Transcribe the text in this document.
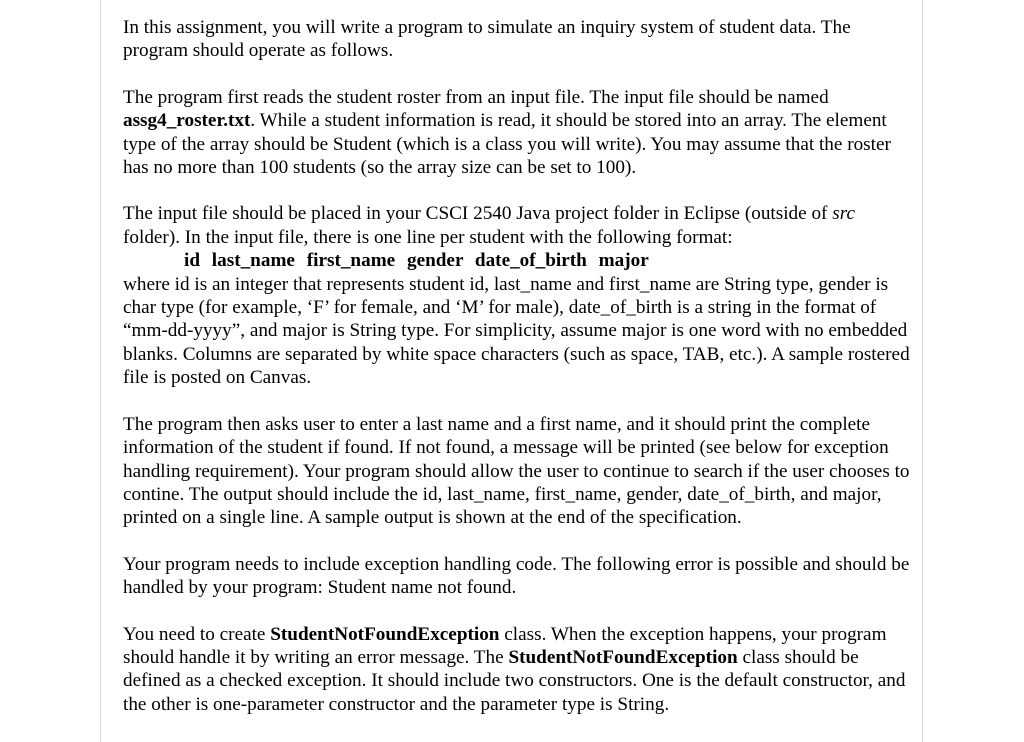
In this assignment, you will write a program to simulate an inquiry system of student data. The program should operate as follows.

The program first reads the student roster from an input file. The input file should be named assg4_roster.txt. While a student information is read, it should be stored into an array. The element type of the array should be Student (which is a class you will write). You may assume that the roster has no more than 100 students (so the array size can be set to 100).

The input file should be placed in your CSCI 2540 Java project folder in Eclipse (outside of src folder). In the input file, there is one line per student with the following format:
id last_name first_name gender date_of_birth major
where id is an integer that represents student id, last_name and first_name are String type, gender is char type (for example, ‘F’ for female, and ‘M’ for male), date_of_birth is a string in the format of “mm-dd-yyyy”, and major is String type. For simplicity, assume major is one word with no embedded blanks. Columns are separated by white space characters (such as space, TAB, etc.). A sample rostered file is posted on Canvas.

The program then asks user to enter a last name and a first name, and it should print the complete information of the student if found. If not found, a message will be printed (see below for exception handling requirement). Your program should allow the user to continue to search if the user chooses to contine. The output should include the id, last_name, first_name, gender, date_of_birth, and major, printed on a single line. A sample output is shown at the end of the specification.

Your program needs to include exception handling code. The following error is possible and should be handled by your program: Student name not found.

You need to create StudentNotFoundException class. When the exception happens, your program should handle it by writing an error message. The StudentNotFoundException class should be defined as a checked exception. It should include two constructors. One is the default constructor, and the other is one-parameter constructor and the parameter type is String.
